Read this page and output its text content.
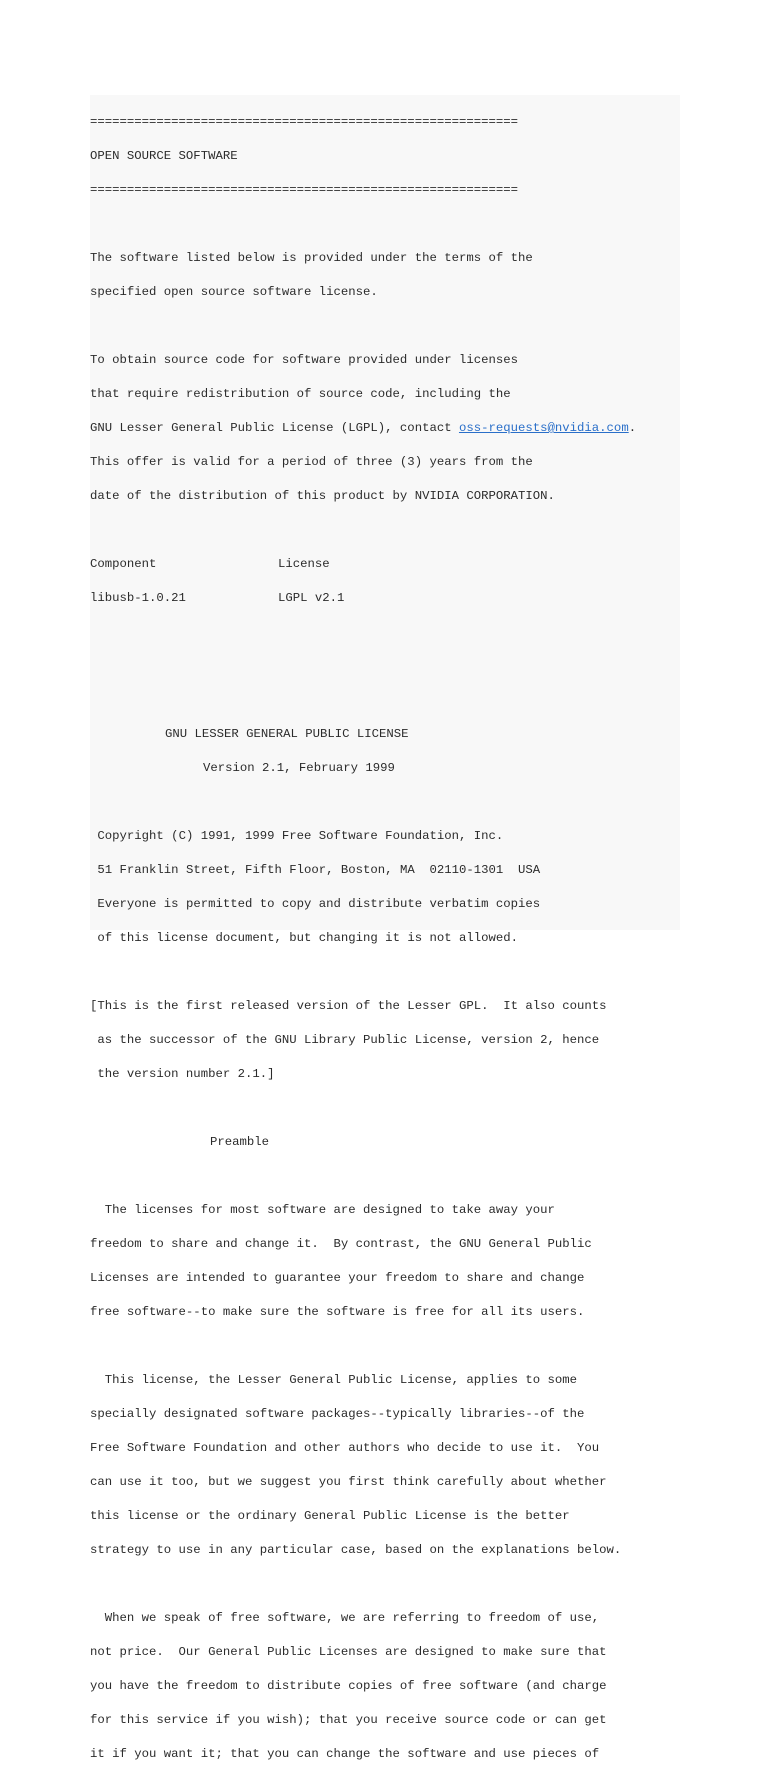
==========================================================

OPEN SOURCE SOFTWARE

==========================================================

The software listed below is provided under the terms of the

specified open source software license.

To obtain source code for software provided under licenses

that require redistribution of source code, including the

GNU Lesser General Public License (LGPL), contact oss-requests@nvidia.com.

This offer is valid for a period of three (3) years from the

date of the distribution of this product by NVIDIA CORPORATION.

Component	License

libusb-1.0.21	LGPL v2.1

GNU LESSER GENERAL PUBLIC LICENSE

Version 2.1, February 1999

Copyright (C) 1991, 1999 Free Software Foundation, Inc.

51 Franklin Street, Fifth Floor, Boston, MA  02110-1301  USA

Everyone is permitted to copy and distribute verbatim copies

of this license document, but changing it is not allowed.

[This is the first released version of the Lesser GPL.  It also counts

as the successor of the GNU Library Public License, version 2, hence

the version number 2.1.]

Preamble

The licenses for most software are designed to take away your

freedom to share and change it.  By contrast, the GNU General Public

Licenses are intended to guarantee your freedom to share and change

free software--to make sure the software is free for all its users.

This license, the Lesser General Public License, applies to some

specially designated software packages--typically libraries--of the

Free Software Foundation and other authors who decide to use it.  You

can use it too, but we suggest you first think carefully about whether

this license or the ordinary General Public License is the better

strategy to use in any particular case, based on the explanations below.

When we speak of free software, we are referring to freedom of use,

not price.  Our General Public Licenses are designed to make sure that

you have the freedom to distribute copies of free software (and charge

for this service if you wish); that you receive source code or can get

it if you want it; that you can change the software and use pieces of
